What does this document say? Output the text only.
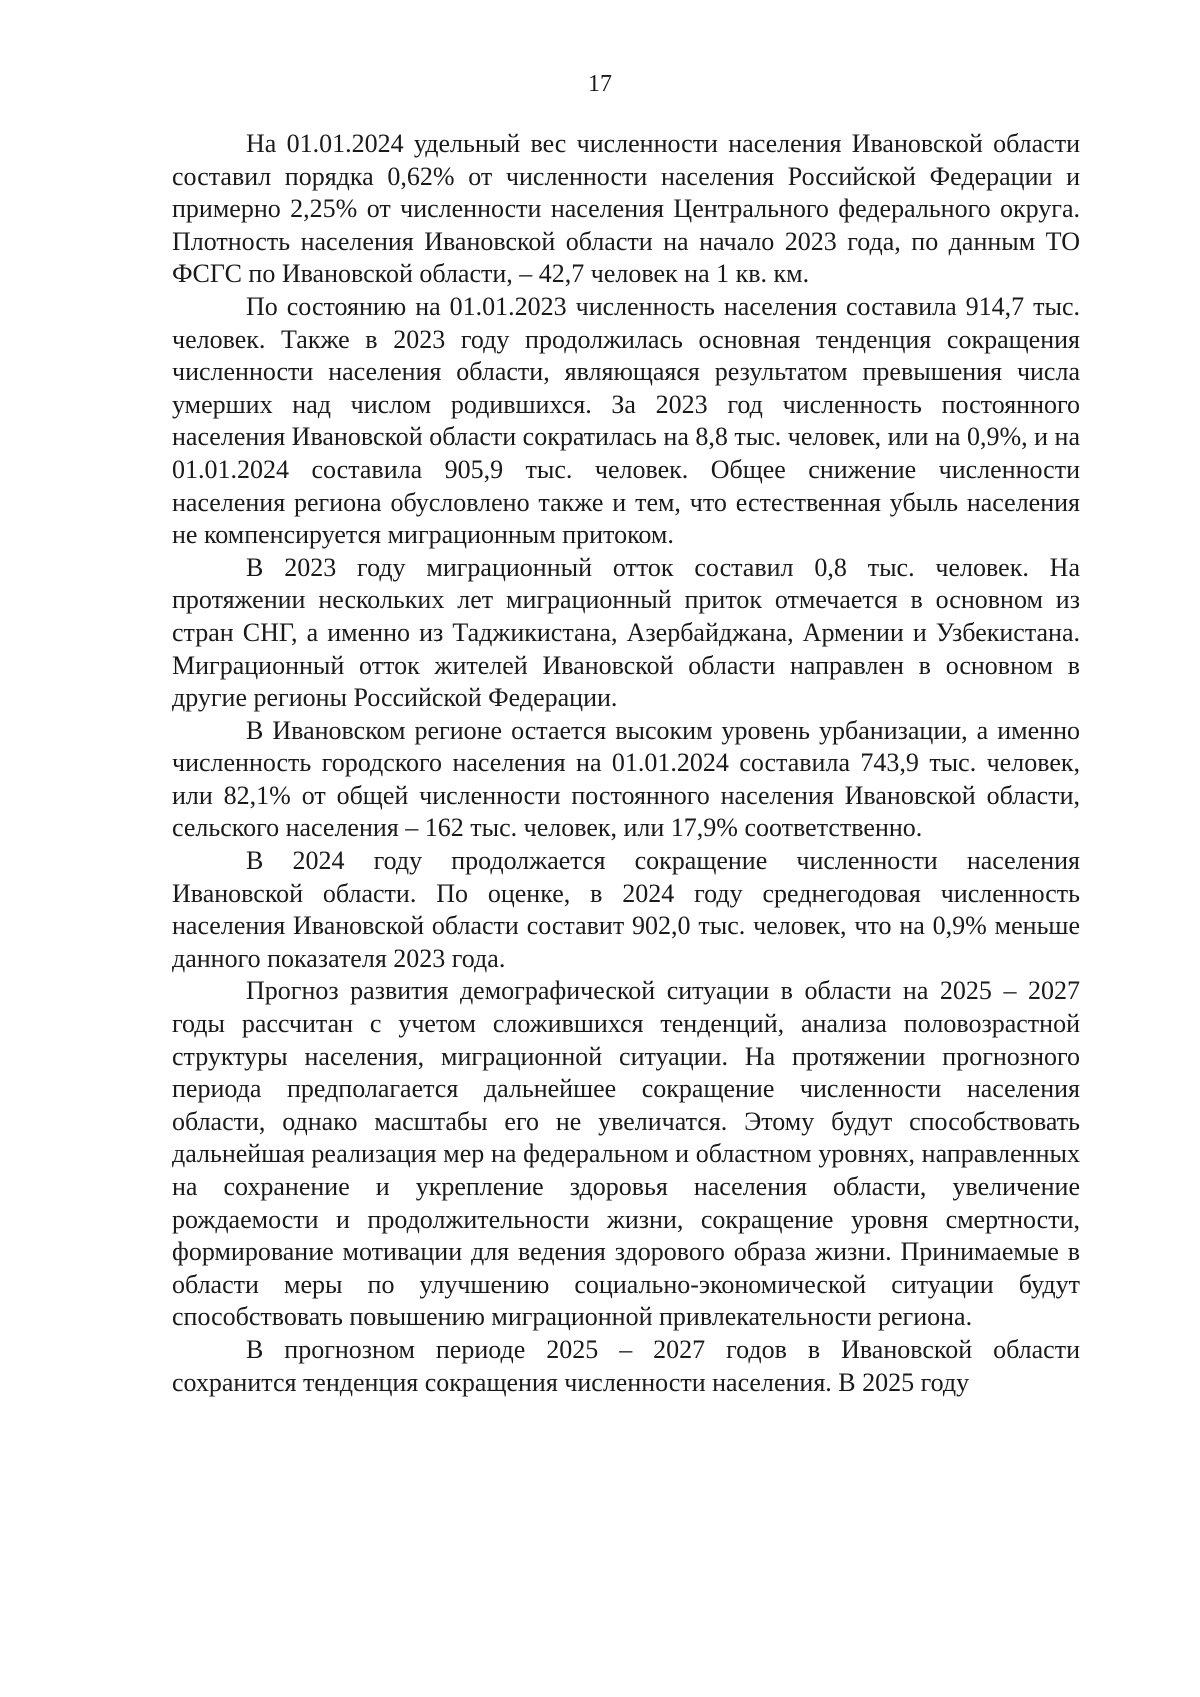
17

На 01.01.2024 удельный вес численности населения Ивановской области составил порядка 0,62% от численности населения Российской Федерации и примерно 2,25% от численности населения Центрального федерального округа. Плотность населения Ивановской области на начало 2023 года, по данным ТО ФСГС по Ивановской области, – 42,7 человек на 1 кв. км.

По состоянию на 01.01.2023 численность населения составила 914,7 тыс. человек. Также в 2023 году продолжилась основная тенденция сокращения численности населения области, являющаяся результатом превышения числа умерших над числом родившихся. За 2023 год численность постоянного населения Ивановской области сократилась на 8,8 тыс. человек, или на 0,9%, и на 01.01.2024 составила 905,9 тыс. человек. Общее снижение численности населения региона обусловлено также и тем, что естественная убыль населения не компенсируется миграционным притоком.

В 2023 году миграционный отток составил 0,8 тыс. человек. На протяжении нескольких лет миграционный приток отмечается в основном из стран СНГ, а именно из Таджикистана, Азербайджана, Армении и Узбекистана. Миграционный отток жителей Ивановской области направлен в основном в другие регионы Российской Федерации.

В Ивановском регионе остается высоким уровень урбанизации, а именно численность городского населения на 01.01.2024 составила 743,9 тыс. человек, или 82,1% от общей численности постоянного населения Ивановской области, сельского населения – 162 тыс. человек, или 17,9% соответственно.

В 2024 году продолжается сокращение численности населения Ивановской области. По оценке, в 2024 году среднегодовая численность населения Ивановской области составит 902,0 тыс. человек, что на 0,9% меньше данного показателя 2023 года.

Прогноз развития демографической ситуации в области на 2025 – 2027 годы рассчитан с учетом сложившихся тенденций, анализа половозрастной структуры населения, миграционной ситуации. На протяжении прогнозного периода предполагается дальнейшее сокращение численности населения области, однако масштабы его не увеличатся. Этому будут способствовать дальнейшая реализация мер на федеральном и областном уровнях, направленных на сохранение и укрепление здоровья населения области, увеличение рождаемости и продолжительности жизни, сокращение уровня смертности, формирование мотивации для ведения здорового образа жизни. Принимаемые в области меры по улучшению социально-экономической ситуации будут способствовать повышению миграционной привлекательности региона.

В прогнозном периоде 2025 – 2027 годов в Ивановской области сохранится тенденция сокращения численности населения. В 2025 году
